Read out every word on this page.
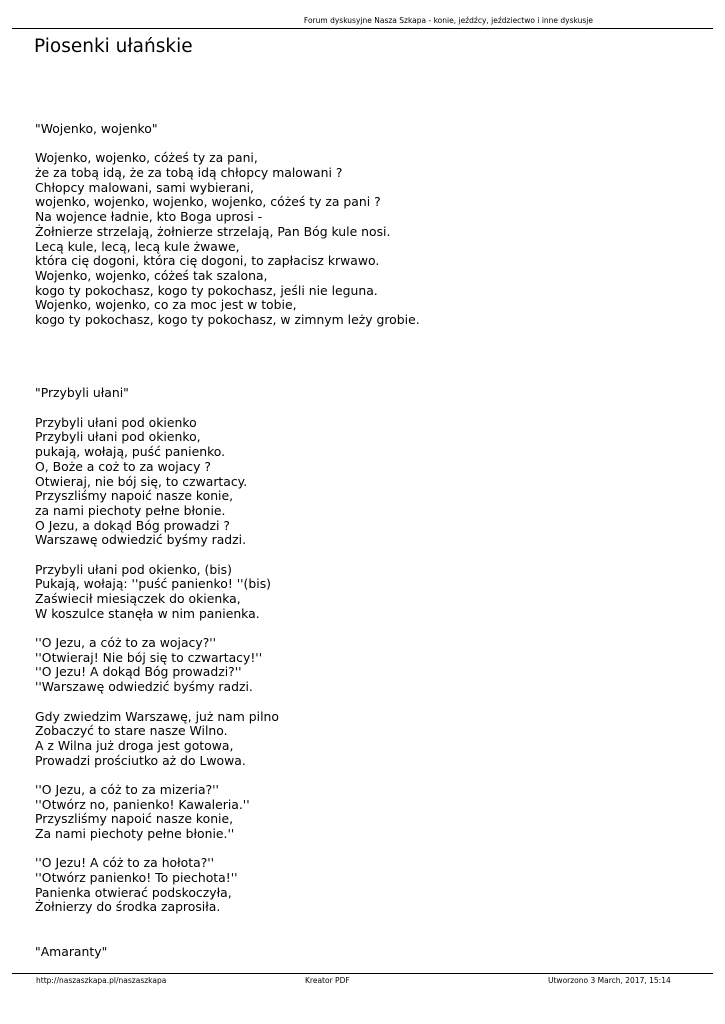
Forum dyskusyjne Nasza Szkapa - konie, jeźdźcy, jeździectwo i inne dyskusje
Piosenki ułańskie
"Wojenko, wojenko"
Wojenko, wojenko, cóżeś ty za pani,
że za tobą idą, że za tobą idą chłopcy malowani ?
Chłopcy malowani, sami wybierani,
wojenko, wojenko, wojenko, wojenko, cóżeś ty za pani ?
Na wojence ładnie, kto Boga uprosi -
Żołnierze strzelają, żołnierze strzelają, Pan Bóg kule nosi.
Lecą kule, lecą, lecą kule żwawe,
która cię dogoni, która cię dogoni, to zapłacisz krwawo.
Wojenko, wojenko, cóżeś tak szalona,
kogo ty pokochasz, kogo ty pokochasz, jeśli nie leguna.
Wojenko, wojenko, co za moc jest w tobie,
kogo ty pokochasz, kogo ty pokochasz, w zimnym leży grobie.
"Przybyli ułani"
Przybyli ułani pod okienko
Przybyli ułani pod okienko,
pukają, wołają, puść panienko.
O, Boże a coż to za wojacy ?
Otwieraj, nie bój się, to czwartacy.
Przyszliśmy napoić nasze konie,
za nami piechoty pełne błonie.
O Jezu, a dokąd Bóg prowadzi ?
Warszawę odwiedzić byśmy radzi.
Przybyli ułani pod okienko, (bis)
Pukają, wołają: ''puść panienko! ''(bis)
Zaświecił miesiączek do okienka,
W koszulce stanęła w nim panienka.
''O Jezu, a cóż to za wojacy?''
''Otwieraj! Nie bój się to czwartacy!''
''O Jezu! A dokąd Bóg prowadzi?''
''Warszawę odwiedzić byśmy radzi.
Gdy zwiedzim Warszawę, już nam pilno
Zobaczyć to stare nasze Wilno.
A z Wilna już droga jest gotowa,
Prowadzi prościutko aż do Lwowa.
''O Jezu, a cóż to za mizeria?''
''Otwórz no, panienko! Kawaleria.''
Przyszliśmy napoić nasze konie,
Za nami piechoty pełne błonie.''
''O Jezu! A cóż to za hołota?''
''Otwórz panienko! To piechota!''
Panienka otwierać podskoczyła,
Żołnierzy do środka zaprosiła.
"Amaranty"
http://naszaszkapa.pl/naszaszkapa	Kreator PDF	Utworzono 3 March, 2017, 15:14
